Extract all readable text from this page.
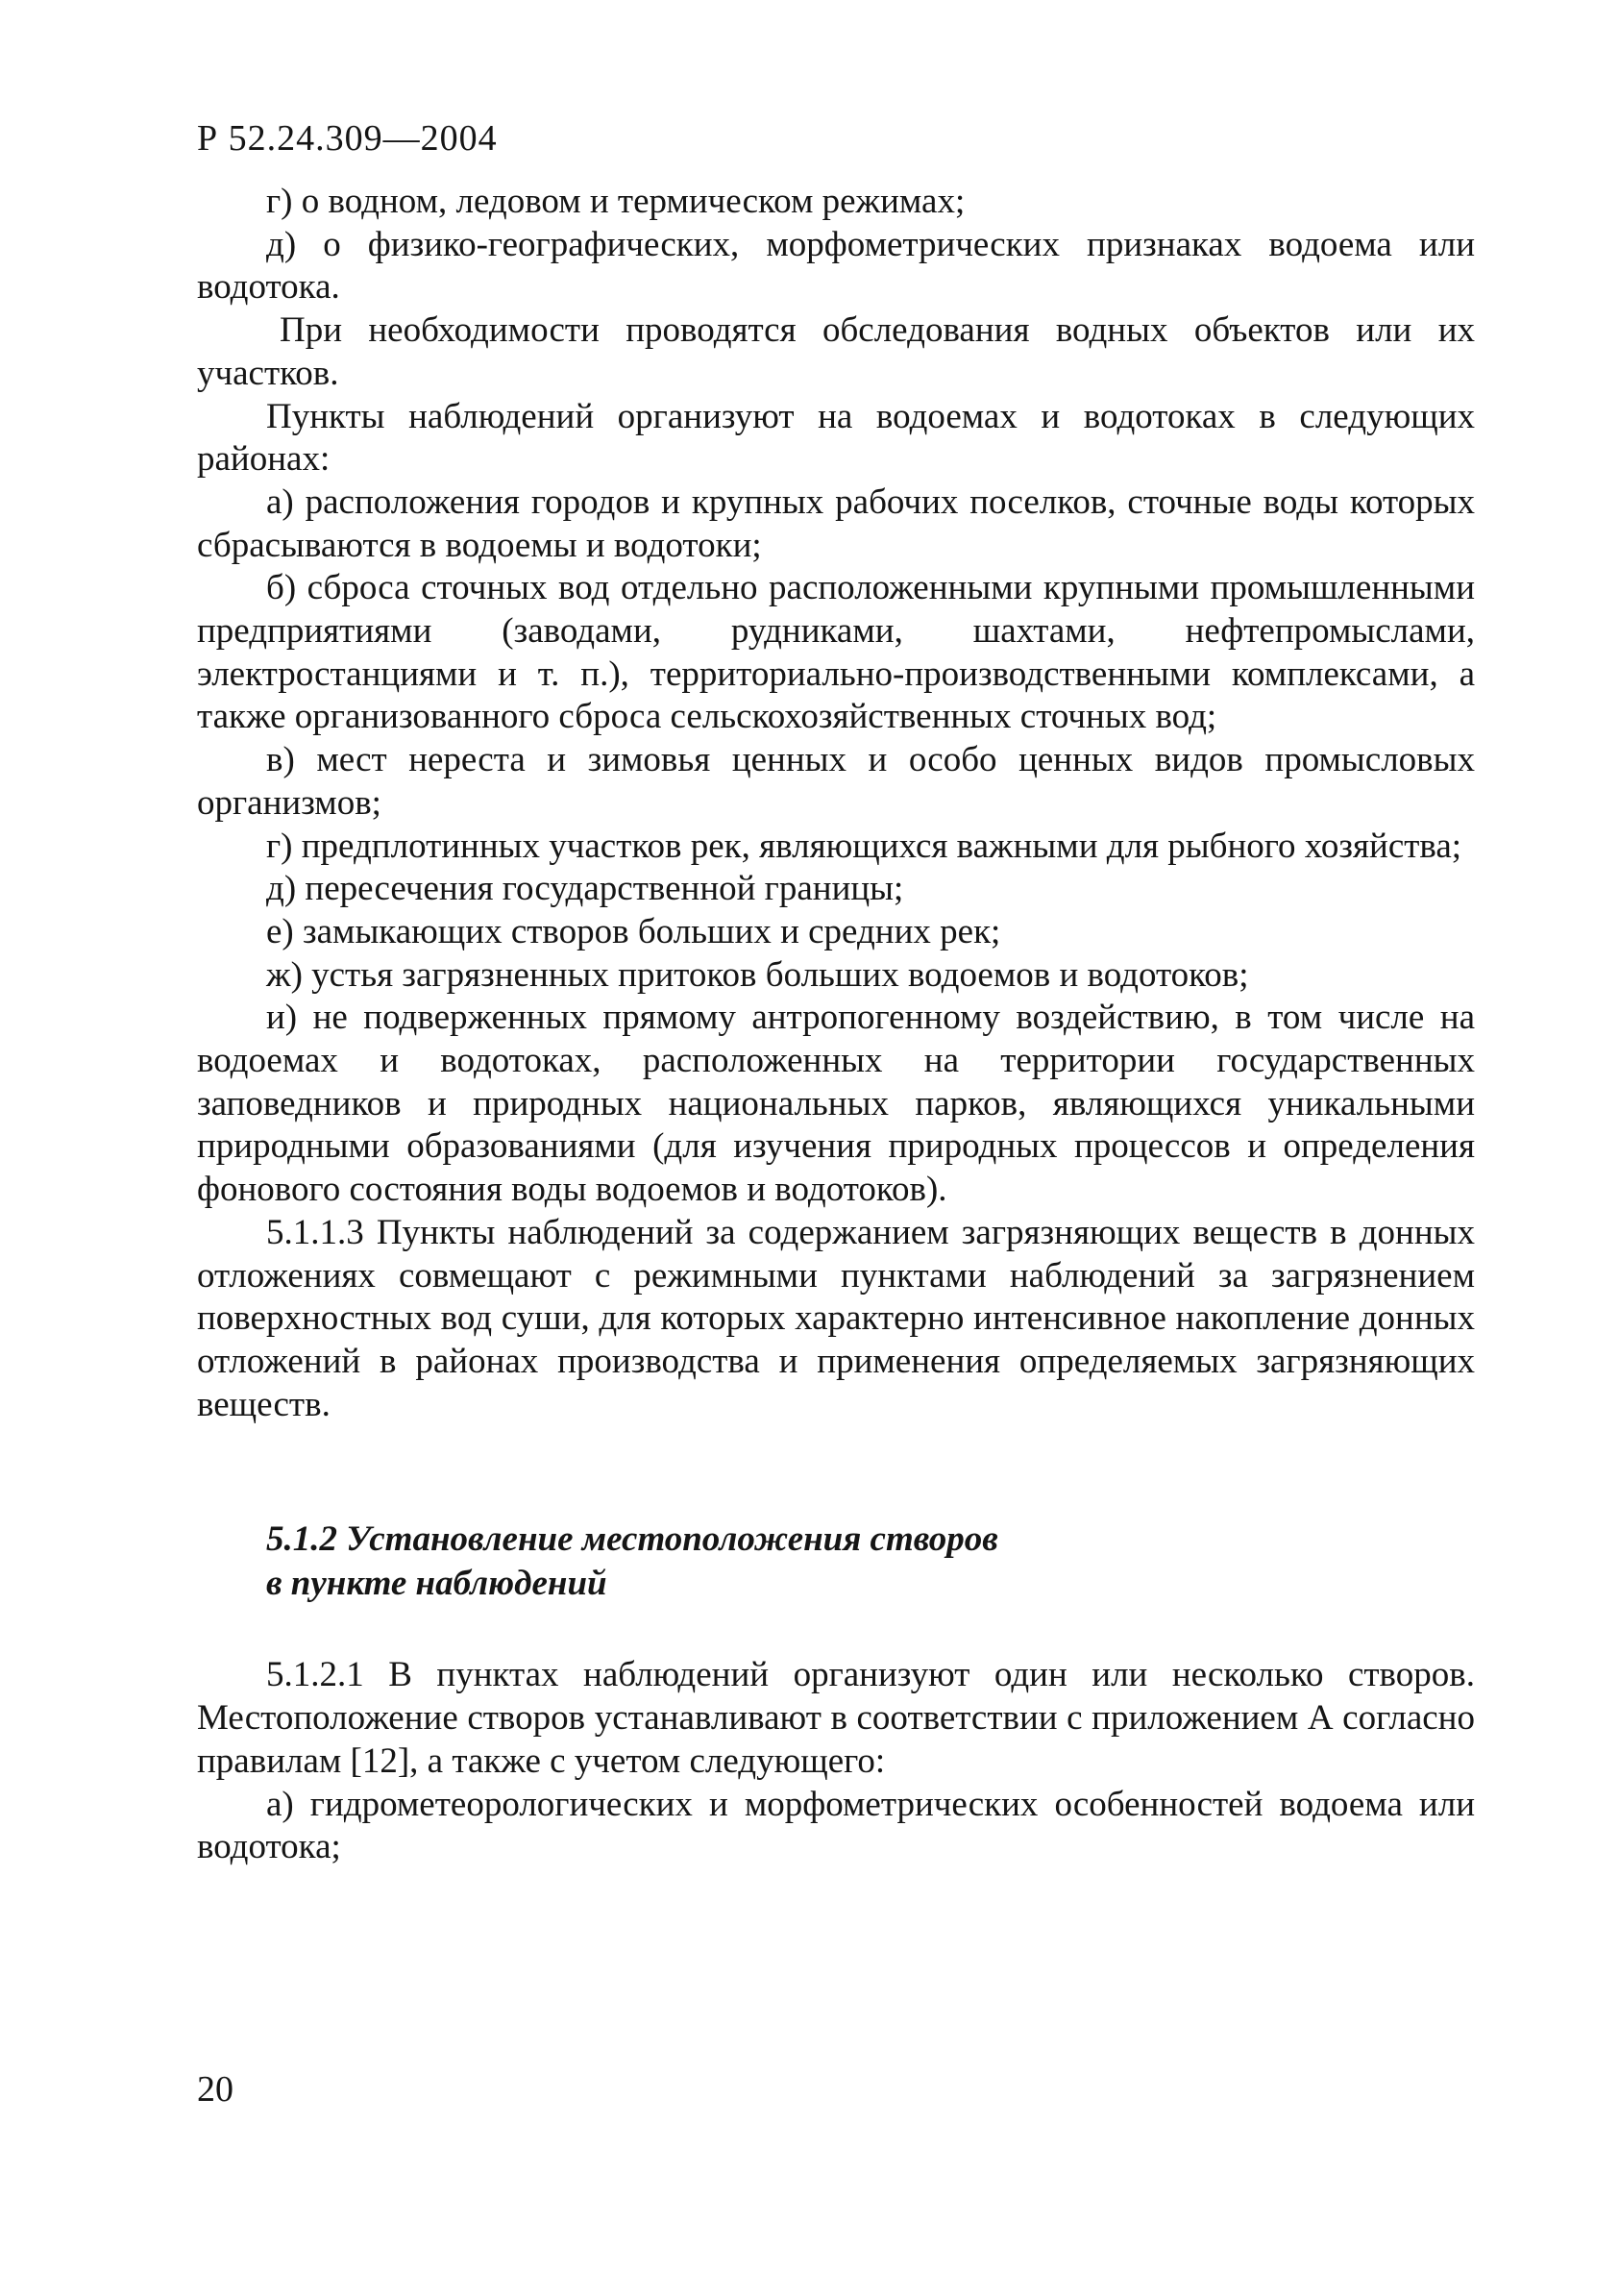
Р 52.24.309—2004

г) о водном, ледовом и термическом режимах;

д) о физико-географических, морфометрических признаках водоема или водотока.

При необходимости проводятся обследования водных объектов или их участков.

Пункты наблюдений организуют на водоемах и водотоках в следующих районах:

а) расположения городов и крупных рабочих поселков, сточные воды которых сбрасываются в водоемы и водотоки;

б) сброса сточных вод отдельно расположенными крупными промышленными предприятиями (заводами, рудниками, шахтами, нефтепромыслами, электростанциями и т. п.), территориально-производственными комплексами, а также организованного сброса сельскохозяйственных сточных вод;

в) мест нереста и зимовья ценных и особо ценных видов промысловых организмов;

г) предплотинных участков рек, являющихся важными для рыбного хозяйства;

д) пересечения государственной границы;

е) замыкающих створов больших и средних рек;

ж) устья загрязненных притоков больших водоемов и водотоков;

и) не подверженных прямому антропогенному воздействию, в том числе на водоемах и водотоках, расположенных на территории государственных заповедников и природных национальных парков, являющихся уникальными природными образованиями (для изучения природных процессов и определения фонового состояния воды водоемов и водотоков).

5.1.1.3 Пункты наблюдений за содержанием загрязняющих веществ в донных отложениях совмещают с режимными пунктами наблюдений за загрязнением поверхностных вод суши, для которых характерно интенсивное накопление донных отложений в районах производства и применения определяемых загрязняющих веществ.

5.1.2 Установление местоположения створов
в пункте наблюдений

5.1.2.1 В пунктах наблюдений организуют один или несколько створов. Местоположение створов устанавливают в соответствии с приложением А согласно правилам [12], а также с учетом следующего:

а) гидрометеорологических и морфометрических особенностей водоема или водотока;

20
